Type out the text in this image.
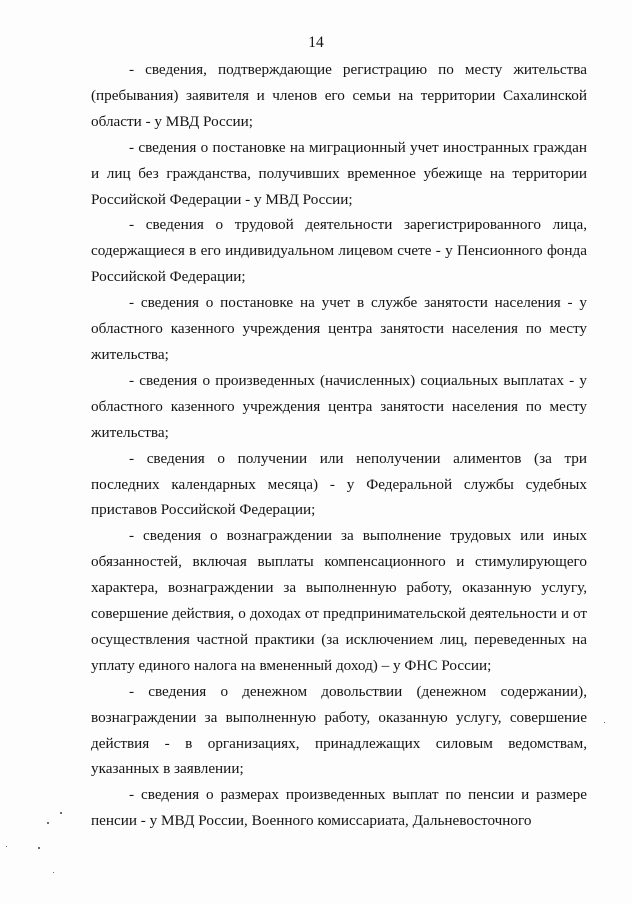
14

- сведения, подтверждающие регистрацию по месту жительства (пребывания) заявителя и членов его семьи на территории Сахалинской области - у МВД России;

- сведения о постановке на миграционный учет иностранных граждан и лиц без гражданства, получивших временное убежище на территории Российской Федерации - у МВД России;

- сведения о трудовой деятельности зарегистрированного лица, содержащиеся в его индивидуальном лицевом счете - у Пенсионного фонда Российской Федерации;

- сведения о постановке на учет в службе занятости населения - у областного казенного учреждения центра занятости населения по месту жительства;

- сведения о произведенных (начисленных) социальных выплатах - у областного казенного учреждения центра занятости населения по месту жительства;

- сведения о получении или неполучении алиментов (за три последних календарных месяца) - у Федеральной службы судебных приставов Российской Федерации;

- сведения о вознаграждении за выполнение трудовых или иных обязанностей, включая выплаты компенсационного и стимулирующего характера, вознаграждении за выполненную работу, оказанную услугу, совершение действия, о доходах от предпринимательской деятельности и от осуществления частной практики (за исключением лиц, переведенных на уплату единого налога на вмененный доход) – у ФНС России;

- сведения о денежном довольствии (денежном содержании), вознаграждении за выполненную работу, оказанную услугу, совершение действия - в организациях, принадлежащих силовым ведомствам, указанных в заявлении;

- сведения о размерах произведенных выплат по пенсии и размере пенсии - у МВД России, Военного комиссариата, Дальневосточного
